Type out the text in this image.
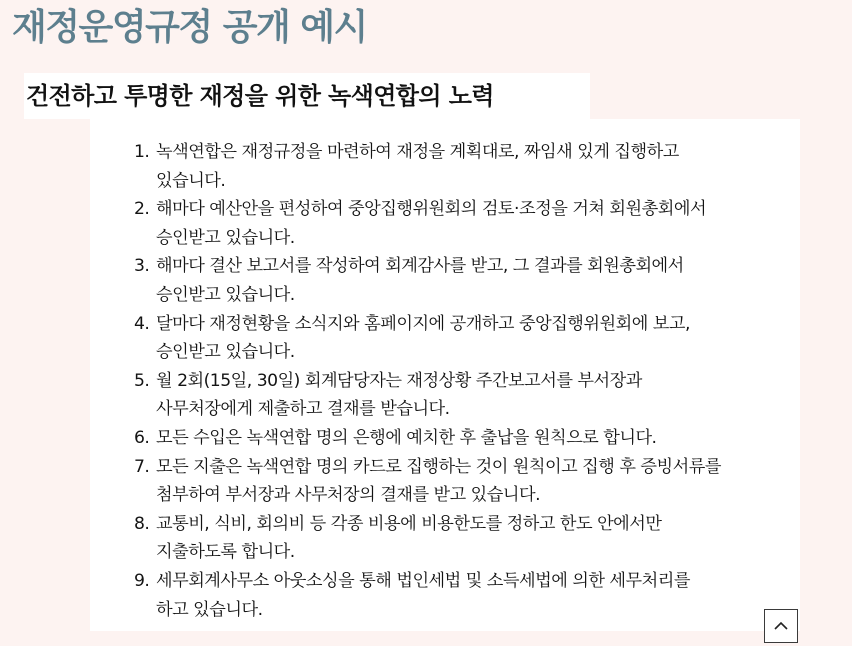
재정운영규정 공개 예시
건전하고 투명한 재정을 위한 녹색연합의 노력
1. 녹색연합은 재정규정을 마련하여 재정을 계획대로, 짜임새 있게 집행하고
있습니다.
2. 해마다 예산안을 편성하여 중앙집행위원회의 검토·조정을 거쳐 회원총회에서
승인받고 있습니다.
3. 해마다 결산 보고서를 작성하여 회계감사를 받고, 그 결과를 회원총회에서
승인받고 있습니다.
4. 달마다 재정현황을 소식지와 홈페이지에 공개하고 중앙집행위원회에 보고,
승인받고 있습니다.
5. 월 2회(15일, 30일) 회계담당자는 재정상황 주간보고서를 부서장과
사무처장에게 제출하고 결재를 받습니다.
6. 모든 수입은 녹색연합 명의 은행에 예치한 후 출납을 원칙으로 합니다.
7. 모든 지출은 녹색연합 명의 카드로 집행하는 것이 원칙이고 집행 후 증빙서류를
첨부하여 부서장과 사무처장의 결재를 받고 있습니다.
8. 교통비, 식비, 회의비 등 각종 비용에 비용한도를 정하고 한도 안에서만
지출하도록 합니다.
9. 세무회계사무소 아웃소싱을 통해 법인세법 및 소득세법에 의한 세무처리를
하고 있습니다.
